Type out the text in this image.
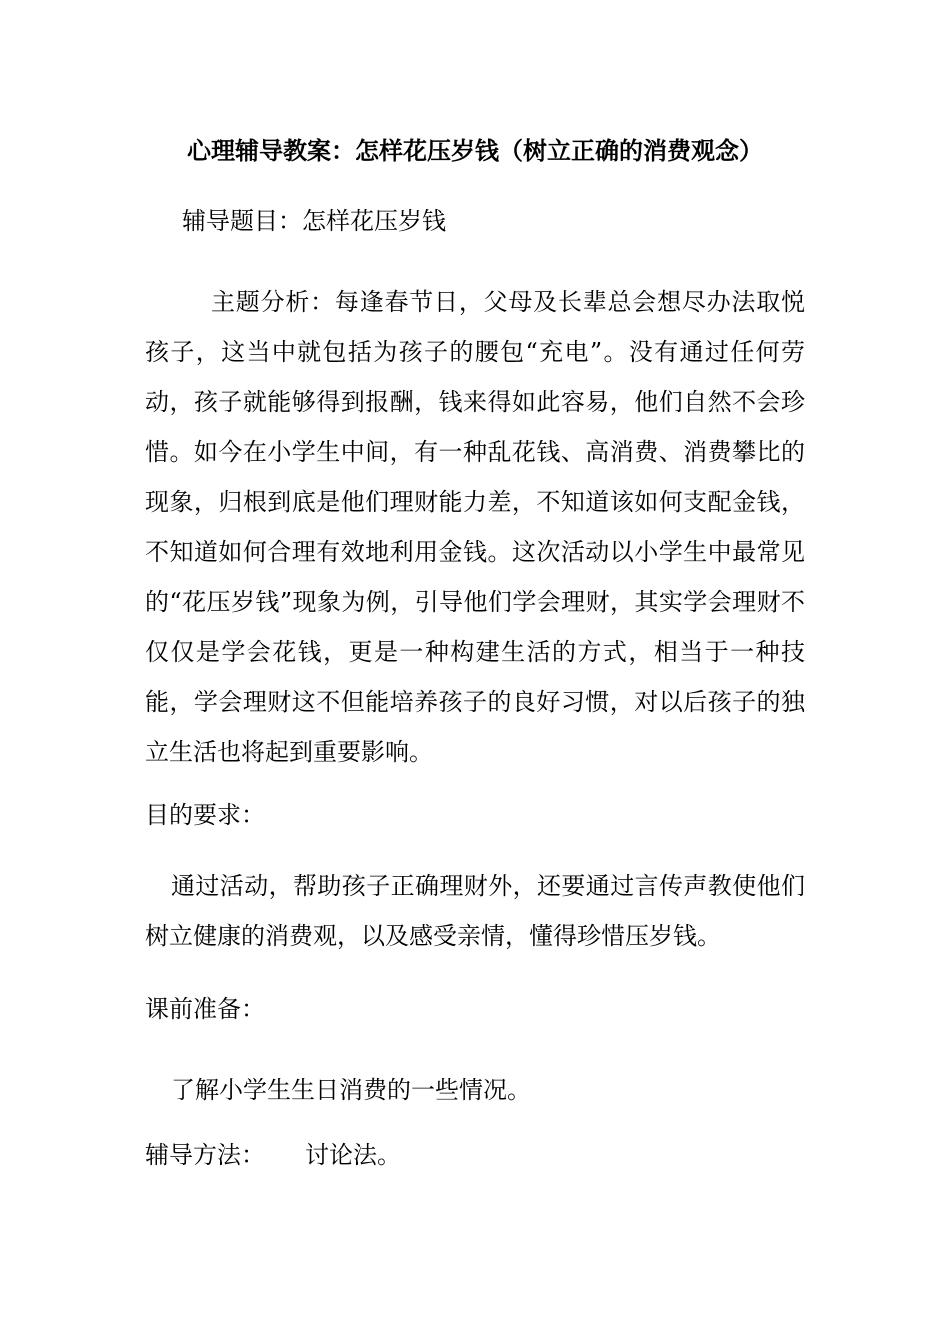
心理辅导教案：怎样花压岁钱（树立正确的消费观念）
辅导题目：怎样花压岁钱

主题分析：每逢春节日，父母及长辈总会想尽办法取悦孩子，这当中就包括为孩子的腰包“充电”。没有通过任何劳动，孩子就能够得到报酬，钱来得如此容易，他们自然不会珍惜。如今在小学生中间，有一种乱花钱、高消费、消费攀比的现象，归根到底是他们理财能力差，不知道该如何支配金钱，不知道如何合理有效地利用金钱。这次活动以小学生中最常见的“花压岁钱”现象为例，引导他们学会理财，其实学会理财不仅仅是学会花钱，更是一种构建生活的方式，相当于一种技能，学会理财这不但能培养孩子的良好习惯，对以后孩子的独立生活也将起到重要影响。

目的要求：

通过活动，帮助孩子正确理财外，还要通过言传声教使他们树立健康的消费观，以及感受亲情，懂得珍惜压岁钱。

课前准备：

了解小学生生日消费的一些情况。

辅导方法： 讨论法。
